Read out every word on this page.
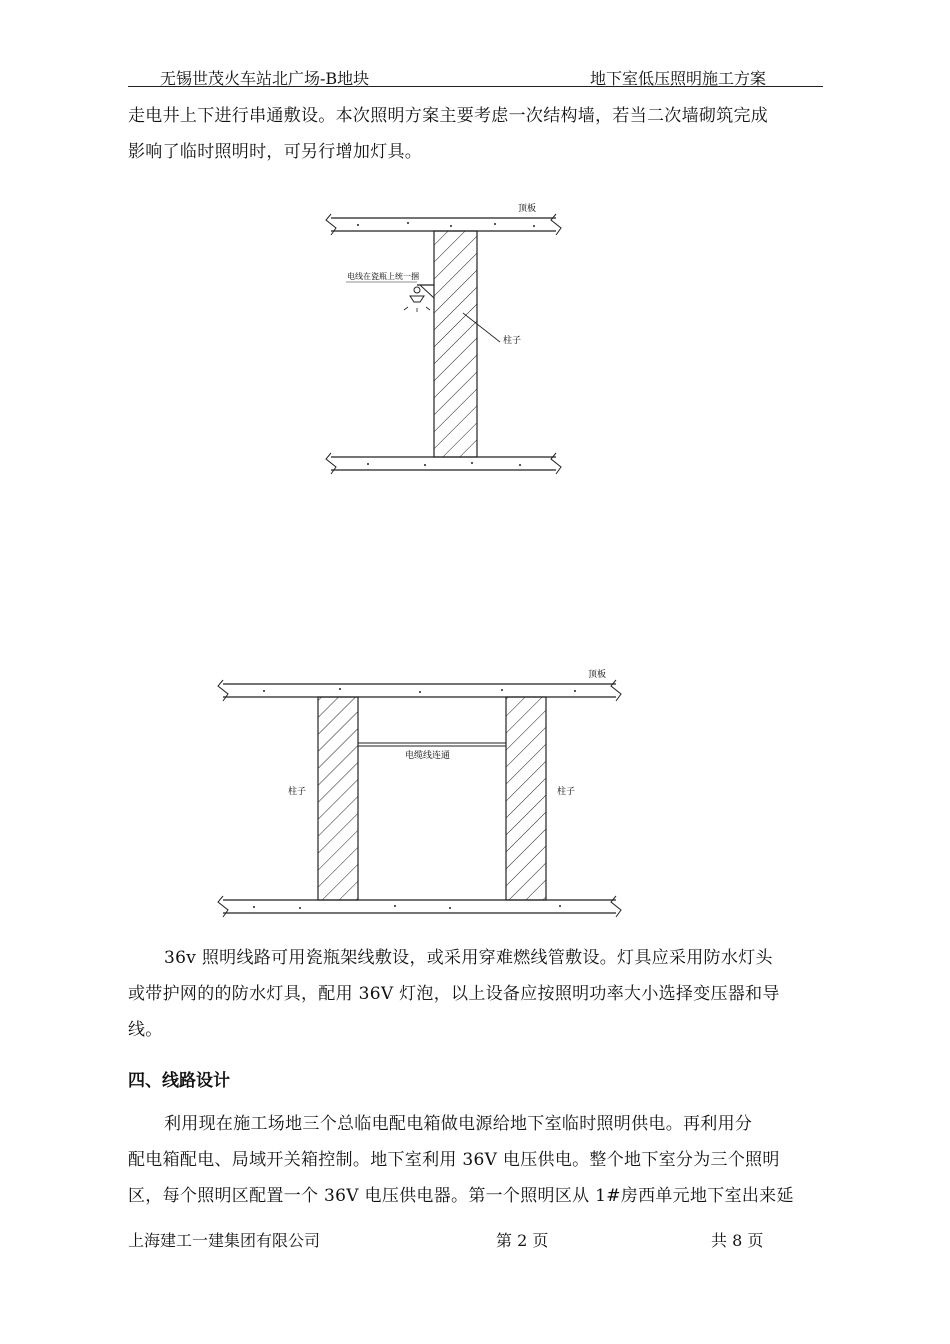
无锡世茂火车站北广场-B地块	地下室低压照明施工方案
走电井上下进行串通敷设。本次照明方案主要考虑一次结构墙，若当二次墙砌筑完成
影响了临时照明时，可另行增加灯具。
顶板
电线在瓷瓶上统一捆
柱子
顶板
电缆线连通
柱子	柱子
36v 照明线路可用瓷瓶架线敷设，或采用穿难燃线管敷设。灯具应采用防水灯头
或带护网的的防水灯具，配用 36V 灯泡，以上设备应按照明功率大小选择变压器和导
线。
四、线路设计
利用现在施工场地三个总临电配电箱做电源给地下室临时照明供电。再利用分
配电箱配电、局域开关箱控制。地下室利用 36V 电压供电。整个地下室分为三个照明
区，每个照明区配置一个 36V 电压供电器。第一个照明区从 1#房西单元地下室出来延
上海建工一建集团有限公司	第 2 页	共 8 页
